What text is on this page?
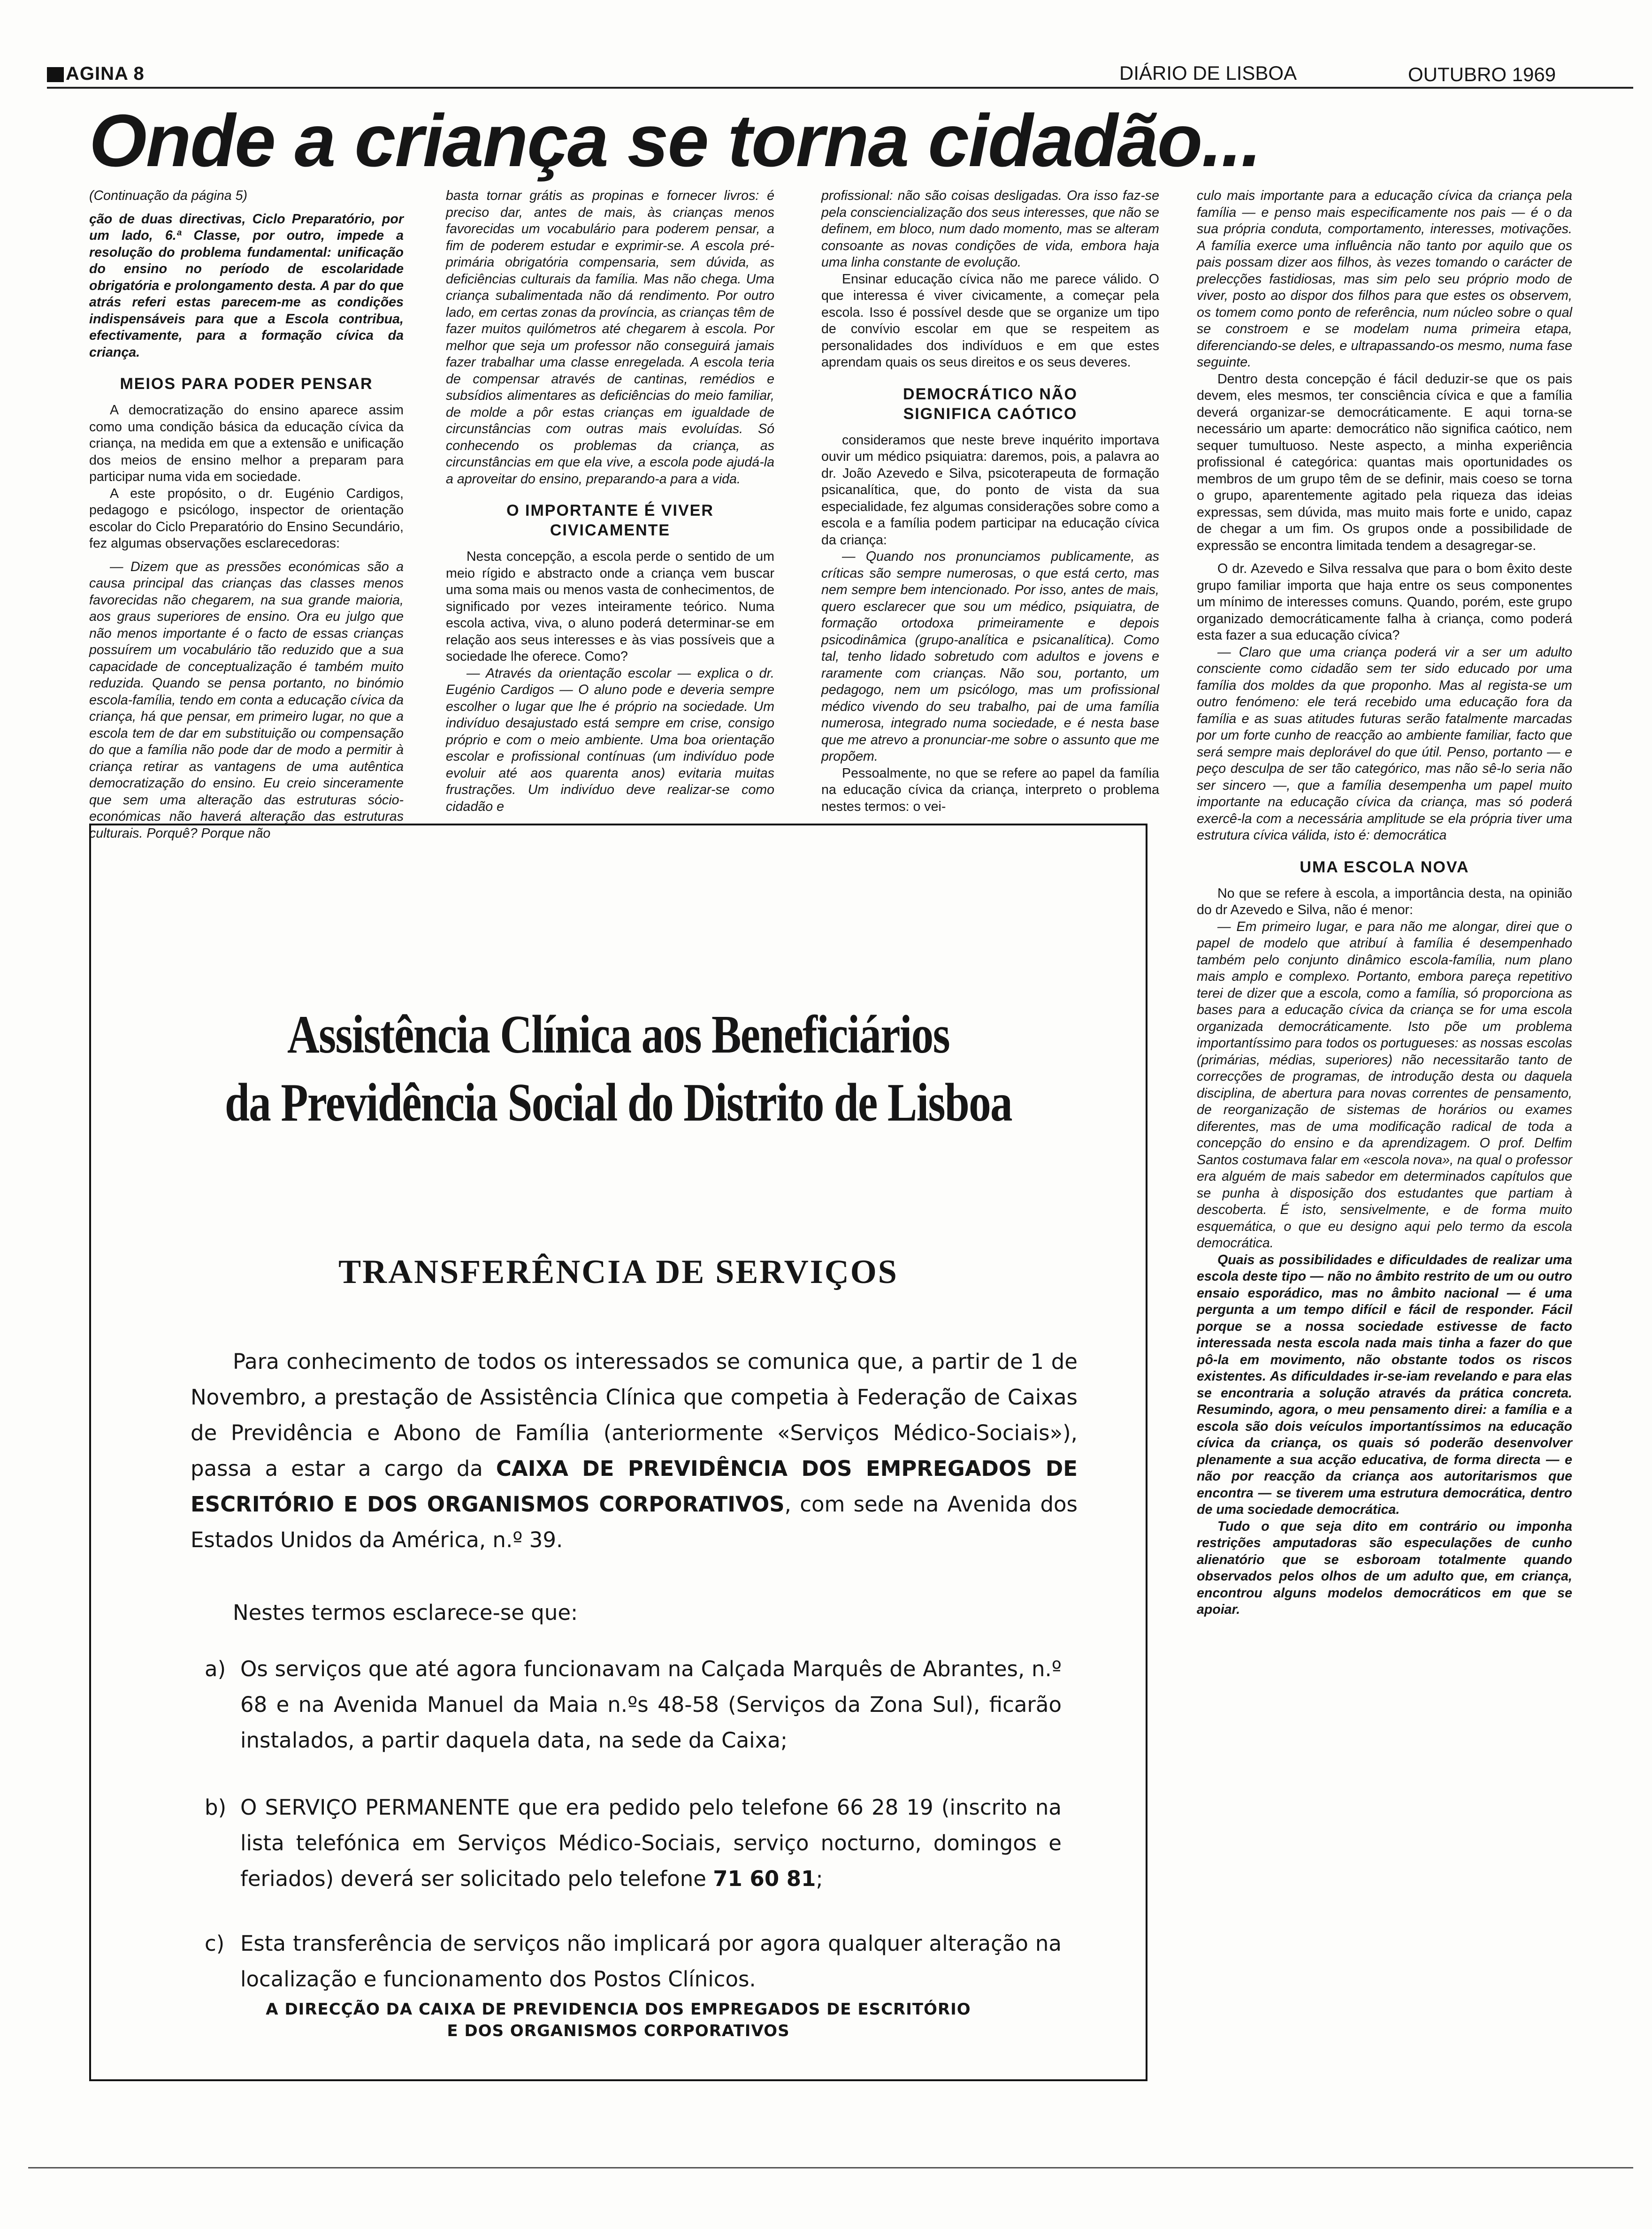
AGINA 8	DIÁRIO DE LISBOA	OUTUBRO 1969
Onde a criança se torna cidadão...

(Continuação da página 5)

ção de duas directivas, Ciclo Preparatório, por um lado, 6.ª Classe, por outro, impede a resolução do problema fundamental: unificação do ensino no período de escolaridade obrigatória e prolongamento desta. A par do que atrás referi estas parecem-me as condições indispensáveis para que a Escola contribua, efectivamente, para a formação cívica da criança.

MEIOS PARA PODER PENSAR

A democratização do ensino aparece assim como uma condição básica da educação cívica da criança, na medida em que a extensão e unificação dos meios de ensino melhor a preparam para participar numa vida em sociedade.

A este propósito, o dr. Eugénio Cardigos, pedagogo e psicólogo, inspector de orientação escolar do Ciclo Preparatório do Ensino Secundário, fez algumas observações esclarecedoras:

— Dizem que as pressões económicas são a causa principal das crianças das classes menos favorecidas não chegarem, na sua grande maioria, aos graus superiores de ensino. Ora eu julgo que não menos importante é o facto de essas crianças possuírem um vocabulário tão reduzido que a sua capacidade de conceptualização é também muito reduzida. Quando se pensa portanto, no binómio escola-família, tendo em conta a educação cívica da criança, há que pensar, em primeiro lugar, no que a escola tem de dar em substituição ou compensação do que a família não pode dar de modo a permitir à criança retirar as vantagens de uma autêntica democratização do ensino. Eu creio sinceramente que sem uma alteração das estruturas sócio-económicas não haverá alteração das estruturas culturais. Porquê? Porque não

basta tornar grátis as propinas e fornecer livros: é preciso dar, antes de mais, às crianças menos favorecidas um vocabulário para poderem pensar, a fim de poderem estudar e exprimir-se. A escola pré-primária obrigatória compensaria, sem dúvida, as deficiências culturais da família. Mas não chega. Uma criança subalimentada não dá rendimento. Por outro lado, em certas zonas da província, as crianças têm de fazer muitos quilómetros até chegarem à escola. Por melhor que seja um professor não conseguirá jamais fazer trabalhar uma classe enregelada. A escola teria de compensar através de cantinas, remédios e subsídios alimentares as deficiências do meio familiar, de molde a pôr estas crianças em igualdade de circunstâncias com outras mais evoluídas. Só conhecendo os problemas da criança, as circunstâncias em que ela vive, a escola pode ajudá-la a aproveitar do ensino, preparando-a para a vida.

O IMPORTANTE É VIVER CIVICAMENTE

Nesta concepção, a escola perde o sentido de um meio rígido e abstracto onde a criança vem buscar uma soma mais ou menos vasta de conhecimentos, de significado por vezes inteiramente teórico. Numa escola activa, viva, o aluno poderá determinar-se em relação aos seus interesses e às vias possíveis que a sociedade lhe oferece. Como?

— Através da orientação escolar — explica o dr. Eugénio Cardigos — O aluno pode e deveria sempre escolher o lugar que lhe é próprio na sociedade. Um indivíduo desajustado está sempre em crise, consigo próprio e com o meio ambiente. Uma boa orientação escolar e profissional contínuas (um indivíduo pode evoluir até aos quarenta anos) evitaria muitas frustrações. Um indivíduo deve realizar-se como cidadão e

profissional: não são coisas desligadas. Ora isso faz-se pela consciencialização dos seus interesses, que não se definem, em bloco, num dado momento, mas se alteram consoante as novas condições de vida, embora haja uma linha constante de evolução.

Ensinar educação cívica não me parece válido. O que interessa é viver civicamente, a começar pela escola. Isso é possível desde que se organize um tipo de convívio escolar em que se respeitem as personalidades dos indivíduos e em que estes aprendam quais os seus direitos e os seus deveres.

DEMOCRÁTICO NÃO SIGNIFICA CAÓTICO

consideramos que neste breve inquérito importava ouvir um médico psiquiatra: daremos, pois, a palavra ao dr. João Azevedo e Silva, psicoterapeuta de formação psicanalítica, que, do ponto de vista da sua especialidade, fez algumas considerações sobre como a escola e a família podem participar na educação cívica da criança:

— Quando nos pronunciamos publicamente, as críticas são sempre numerosas, o que está certo, mas nem sempre bem intencionado. Por isso, antes de mais, quero esclarecer que sou um médico, psiquiatra, de formação ortodoxa primeiramente e depois psicodinâmica (grupo-analítica e psicanalítica). Como tal, tenho lidado sobretudo com adultos e jovens e raramente com crianças. Não sou, portanto, um pedagogo, nem um psicólogo, mas um profissional médico vivendo do seu trabalho, pai de uma família numerosa, integrado numa sociedade, e é nesta base que me atrevo a pronunciar-me sobre o assunto que me propõem.

Pessoalmente, no que se refere ao papel da família na educação cívica da criança, interpreto o problema nestes termos: o vei-

culo mais importante para a educação cívica da criança pela família — e penso mais especificamente nos pais — é o da sua própria conduta, comportamento, interesses, motivações. A família exerce uma influência não tanto por aquilo que os pais possam dizer aos filhos, às vezes tomando o carácter de prelecções fastidiosas, mas sim pelo seu próprio modo de viver, posto ao dispor dos filhos para que estes os observem, os tomem como ponto de referência, num núcleo sobre o qual se constroem e se modelam numa primeira etapa, diferenciando-se deles, e ultrapassando-os mesmo, numa fase seguinte.

Dentro desta concepção é fácil deduzir-se que os pais devem, eles mesmos, ter consciência cívica e que a família deverá organizar-se democráticamente. E aqui torna-se necessário um aparte: democrático não significa caótico, nem sequer tumultuoso. Neste aspecto, a minha experiência profissional é categórica: quantas mais oportunidades os membros de um grupo têm de se definir, mais coeso se torna o grupo, aparentemente agitado pela riqueza das ideias expressas, sem dúvida, mas muito mais forte e unido, capaz de chegar a um fim. Os grupos onde a possibilidade de expressão se encontra limitada tendem a desagregar-se.

O dr. Azevedo e Silva ressalva que para o bom êxito deste grupo familiar importa que haja entre os seus componentes um mínimo de interesses comuns. Quando, porém, este grupo organizado democráticamente falha à criança, como poderá esta fazer a sua educação cívica?

— Claro que uma criança poderá vir a ser um adulto consciente como cidadão sem ter sido educado por uma família dos moldes da que proponho. Mas al regista-se um outro fenómeno: ele terá recebido uma educação fora da família e as suas atitudes futuras serão fatalmente marcadas por um forte cunho de reacção ao ambiente familiar, facto que será sempre mais deplorável do que útil. Penso, portanto — e peço desculpa de ser tão categórico, mas não sê-lo seria não ser sincero —, que a família desempenha um papel muito importante na educação cívica da criança, mas só poderá exercê-la com a necessária amplitude se ela própria tiver uma estrutura cívica válida, isto é: democrática

UMA ESCOLA NOVA

No que se refere à escola, a importância desta, na opinião do dr Azevedo e Silva, não é menor:

— Em primeiro lugar, e para não me alongar, direi que o papel de modelo que atribuí à família é desempenhado também pelo conjunto dinâmico escola-família, num plano mais amplo e complexo. Portanto, embora pareça repetitivo terei de dizer que a escola, como a família, só proporciona as bases para a educação cívica da criança se for uma escola organizada democráticamente. Isto põe um problema importantíssimo para todos os portugueses: as nossas escolas (primárias, médias, superiores) não necessitarão tanto de correcções de programas, de introdução desta ou daquela disciplina, de abertura para novas correntes de pensamento, de reorganização de sistemas de horários ou exames diferentes, mas de uma modificação radical de toda a concepção do ensino e da aprendizagem. O prof. Delfim Santos costumava falar em «escola nova», na qual o professor era alguém de mais sabedor em determinados capítulos que se punha à disposição dos estudantes que partiam à descoberta. É isto, sensivelmente, e de forma muito esquemática, o que eu designo aqui pelo termo da escola democrática.

Quais as possibilidades e dificuldades de realizar uma escola deste tipo — não no âmbito restrito de um ou outro ensaio esporádico, mas no âmbito nacional — é uma pergunta a um tempo difícil e fácil de responder. Fácil porque se a nossa sociedade estivesse de facto interessada nesta escola nada mais tinha a fazer do que pô-la em movimento, não obstante todos os riscos existentes. As dificuldades ir-se-iam revelando e para elas se encontraria a solução através da prática concreta. Resumindo, agora, o meu pensamento direi: a família e a escola são dois veículos importantíssimos na educação cívica da criança, os quais só poderão desenvolver plenamente a sua acção educativa, de forma directa — e não por reacção da criança aos autoritarismos que encontra — se tiverem uma estrutura democrática, dentro de uma sociedade democrática.

Tudo o que seja dito em contrário ou imponha restrições amputadoras são especulações de cunho alienatório que se esboroam totalmente quando observados pelos olhos de um adulto que, em criança, encontrou alguns modelos democráticos em que se apoiar.

Assistência Clínica aos Beneficiários
da Previdência Social do Distrito de Lisboa
TRANSFERÊNCIA DE SERVIÇOS
Para conhecimento de todos os interessados se comunica que, a partir de 1 de Novembro, a prestação de Assistência Clínica que competia à Federação de Caixas de Previdência e Abono de Família (anteriormente «Serviços Médico-Sociais»), passa a estar a cargo da CAIXA DE PREVIDÊNCIA DOS EMPREGADOS DE ESCRITÓRIO E DOS ORGANISMOS CORPORATIVOS, com sede na Avenida dos Estados Unidos da América, n.º 39.
Nestes termos esclarece-se que:
a) Os serviços que até agora funcionavam na Calçada Marquês de Abrantes, n.º 68 e na Avenida Manuel da Maia n.ºs 48-58 (Serviços da Zona Sul), ficarão instalados, a partir daquela data, na sede da Caixa;
b) O SERVIÇO PERMANENTE que era pedido pelo telefone 66 28 19 (inscrito na lista telefónica em Serviços Médico-Sociais, serviço nocturno, domingos e feriados) deverá ser solicitado pelo telefone 71 60 81;
c) Esta transferência de serviços não implicará por agora qualquer alteração na localização e funcionamento dos Postos Clínicos.
A DIRECÇÃO DA CAIXA DE PREVIDENCIA DOS EMPREGADOS DE ESCRITÓRIO
E DOS ORGANISMOS CORPORATIVOS
